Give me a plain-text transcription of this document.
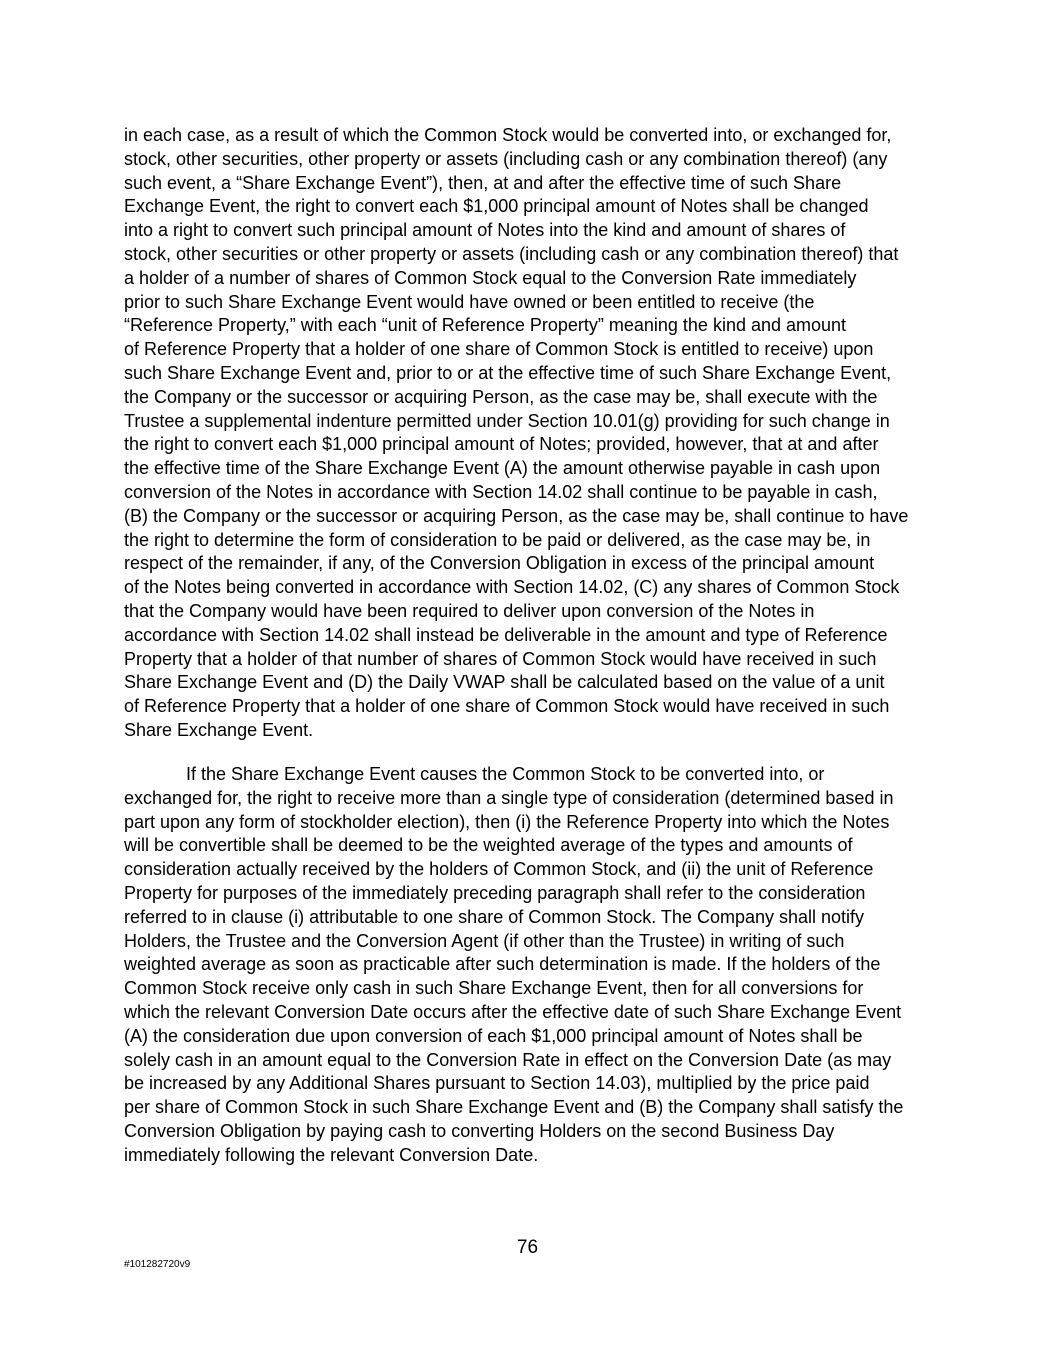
in each case, as a result of which the Common Stock would be converted into, or exchanged for,
stock, other securities, other property or assets (including cash or any combination thereof) (any
such event, a “Share Exchange Event”), then, at and after the effective time of such Share
Exchange Event, the right to convert each $1,000 principal amount of Notes shall be changed
into a right to convert such principal amount of Notes into the kind and amount of shares of
stock, other securities or other property or assets (including cash or any combination thereof) that
a holder of a number of shares of Common Stock equal to the Conversion Rate immediately
prior to such Share Exchange Event would have owned or been entitled to receive (the
“Reference Property,” with each “unit of Reference Property” meaning the kind and amount
of Reference Property that a holder of one share of Common Stock is entitled to receive) upon
such Share Exchange Event and, prior to or at the effective time of such Share Exchange Event,
the Company or the successor or acquiring Person, as the case may be, shall execute with the
Trustee a supplemental indenture permitted under Section 10.01(g) providing for such change in
the right to convert each $1,000 principal amount of Notes; provided, however, that at and after
the effective time of the Share Exchange Event (A) the amount otherwise payable in cash upon
conversion of the Notes in accordance with Section 14.02 shall continue to be payable in cash,
(B) the Company or the successor or acquiring Person, as the case may be, shall continue to have
the right to determine the form of consideration to be paid or delivered, as the case may be, in
respect of the remainder, if any, of the Conversion Obligation in excess of the principal amount
of the Notes being converted in accordance with Section 14.02, (C) any shares of Common Stock
that the Company would have been required to deliver upon conversion of the Notes in
accordance with Section 14.02 shall instead be deliverable in the amount and type of Reference
Property that a holder of that number of shares of Common Stock would have received in such
Share Exchange Event and (D) the Daily VWAP shall be calculated based on the value of a unit
of Reference Property that a holder of one share of Common Stock would have received in such
Share Exchange Event.
If the Share Exchange Event causes the Common Stock to be converted into, or
exchanged for, the right to receive more than a single type of consideration (determined based in
part upon any form of stockholder election), then (i) the Reference Property into which the Notes
will be convertible shall be deemed to be the weighted average of the types and amounts of
consideration actually received by the holders of Common Stock, and (ii) the unit of Reference
Property for purposes of the immediately preceding paragraph shall refer to the consideration
referred to in clause (i) attributable to one share of Common Stock. The Company shall notify
Holders, the Trustee and the Conversion Agent (if other than the Trustee) in writing of such
weighted average as soon as practicable after such determination is made. If the holders of the
Common Stock receive only cash in such Share Exchange Event, then for all conversions for
which the relevant Conversion Date occurs after the effective date of such Share Exchange Event
(A) the consideration due upon conversion of each $1,000 principal amount of Notes shall be
solely cash in an amount equal to the Conversion Rate in effect on the Conversion Date (as may
be increased by any Additional Shares pursuant to Section 14.03), multiplied by the price paid
per share of Common Stock in such Share Exchange Event and (B) the Company shall satisfy the
Conversion Obligation by paying cash to converting Holders on the second Business Day
immediately following the relevant Conversion Date.
76
#101282720v9
